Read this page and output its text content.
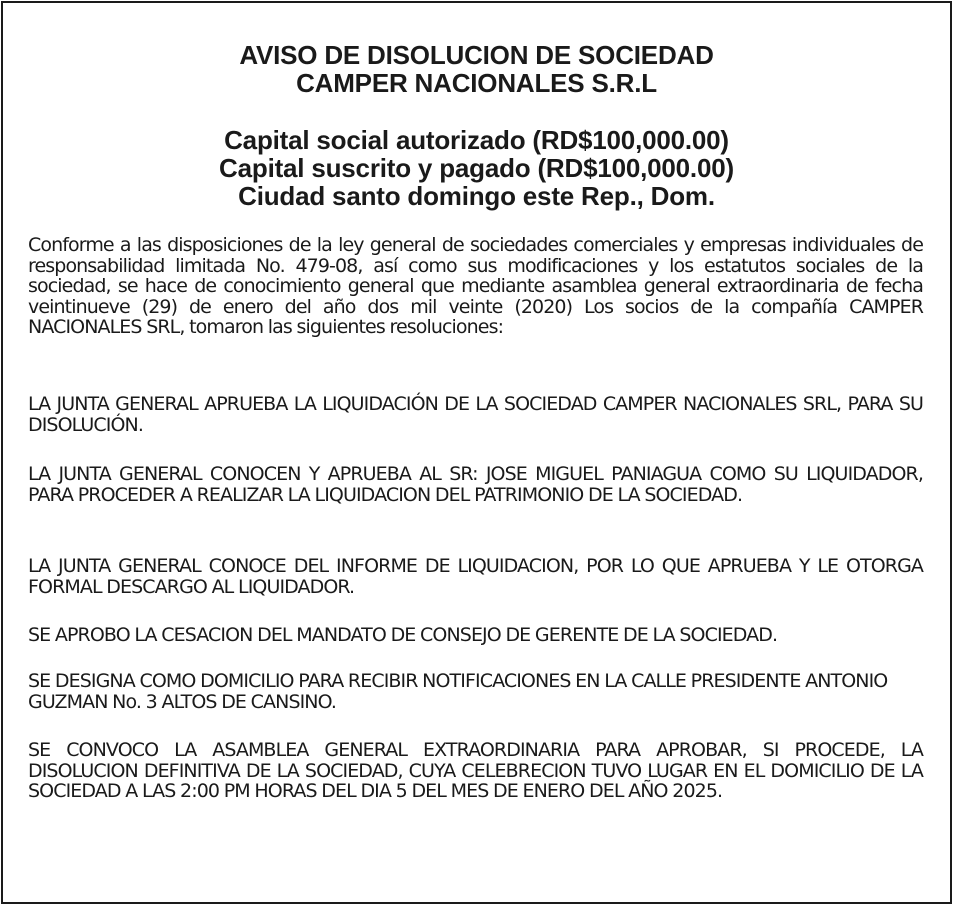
AVISO DE DISOLUCION DE SOCIEDAD
CAMPER NACIONALES S.R.L
Capital social autorizado (RD$100,000.00)
Capital suscrito y pagado (RD$100,000.00)
Ciudad santo domingo este Rep., Dom.

Conforme a las disposiciones de la ley general de sociedades comerciales y empresas individuales de responsabilidad limitada No. 479-08, así como sus modificaciones y los estatutos sociales de la sociedad, se hace de conocimiento general que mediante asamblea general extraordinaria de fecha veintinueve (29) de enero del año dos mil veinte (2020) Los socios de la compañía CAMPER NACIONALES SRL, tomaron las siguientes resoluciones:

LA JUNTA GENERAL APRUEBA LA LIQUIDACIÓN DE LA SOCIEDAD CAMPER NACIONALES SRL, PARA SU DISOLUCIÓN.

LA JUNTA GENERAL CONOCEN Y APRUEBA AL SR: JOSE MIGUEL PANIAGUA COMO SU LIQUIDADOR, PARA PROCEDER A REALIZAR LA LIQUIDACION DEL PATRIMONIO DE LA SOCIEDAD.

LA JUNTA GENERAL CONOCE DEL INFORME DE LIQUIDACION, POR LO QUE APRUEBA Y LE OTORGA FORMAL DESCARGO AL LIQUIDADOR.

SE APROBO LA CESACION DEL MANDATO DE CONSEJO DE GERENTE DE LA SOCIEDAD.

SE DESIGNA COMO DOMICILIO PARA RECIBIR NOTIFICACIONES EN LA CALLE PRESIDENTE ANTONIO GUZMAN No. 3 ALTOS DE CANSINO.

SE CONVOCO LA ASAMBLEA GENERAL EXTRAORDINARIA PARA APROBAR, SI PROCEDE, LA DISOLUCION DEFINITIVA DE LA SOCIEDAD, CUYA CELEBRECION TUVO LUGAR EN EL DOMICILIO DE LA SOCIEDAD A LAS 2:00 PM HORAS DEL DIA 5 DEL MES DE ENERO DEL AÑO 2025.
